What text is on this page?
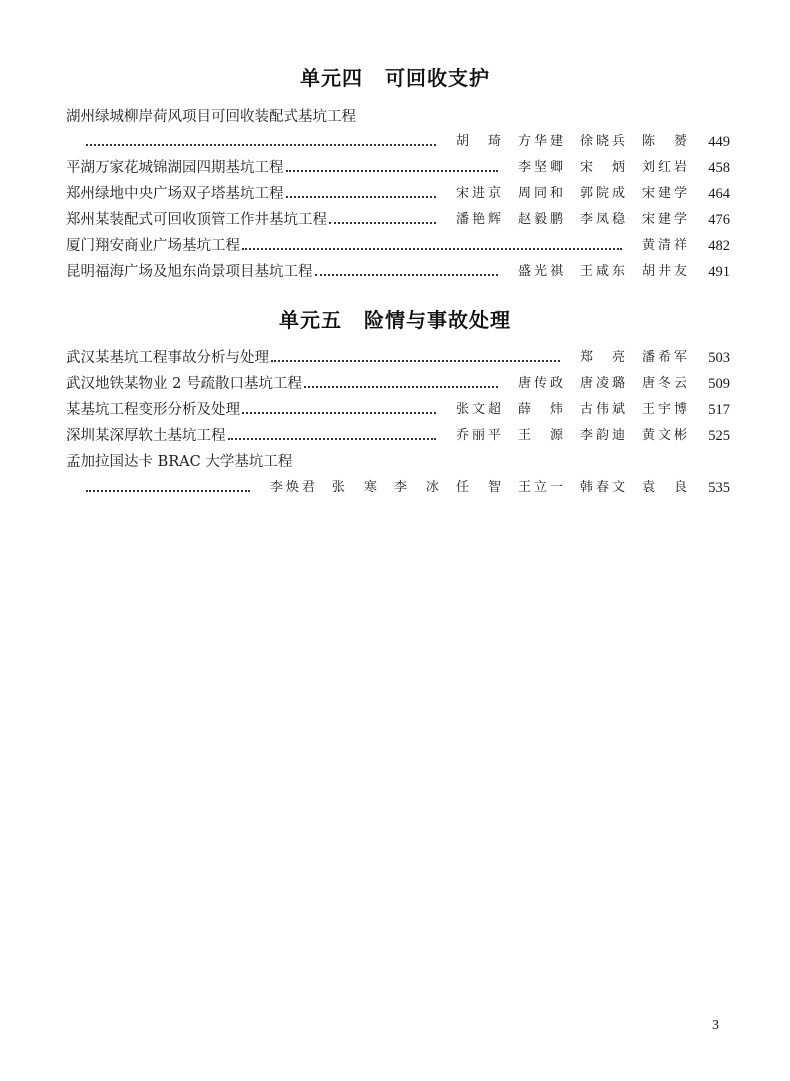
单元四 可回收支护
湖州绿城柳岸荷风项目可回收装配式基坑工程
胡　琦 方华建 徐晓兵 陈　赟	449
平湖万家花城锦湖园四期基坑工程	李坚卿 宋　炳 刘红岩	458
郑州绿地中央广场双子塔基坑工程	宋进京 周同和 郭院成 宋建学	464
郑州某装配式可回收顶管工作井基坑工程	潘艳辉 赵毅鹏 李凤稳 宋建学	476
厦门翔安商业广场基坑工程	黄清祥	482
昆明福海广场及旭东尚景项目基坑工程	盛光祺 王咸东 胡井友	491
单元五 险情与事故处理
武汉某基坑工程事故分析与处理	郑　亮 潘希军	503
武汉地铁某物业 2 号疏散口基坑工程	唐传政 唐凌璐 唐冬云	509
某基坑工程变形分析及处理	张文超 薛　炜 古伟斌 王宇博	517
深圳某深厚软土基坑工程	乔丽平 王　源 李韵迪 黄文彬	525
孟加拉国达卡 BRAC 大学基坑工程
李焕君 张　寒 李　冰 任　智 王立一 韩春文 袁　良	535
3
